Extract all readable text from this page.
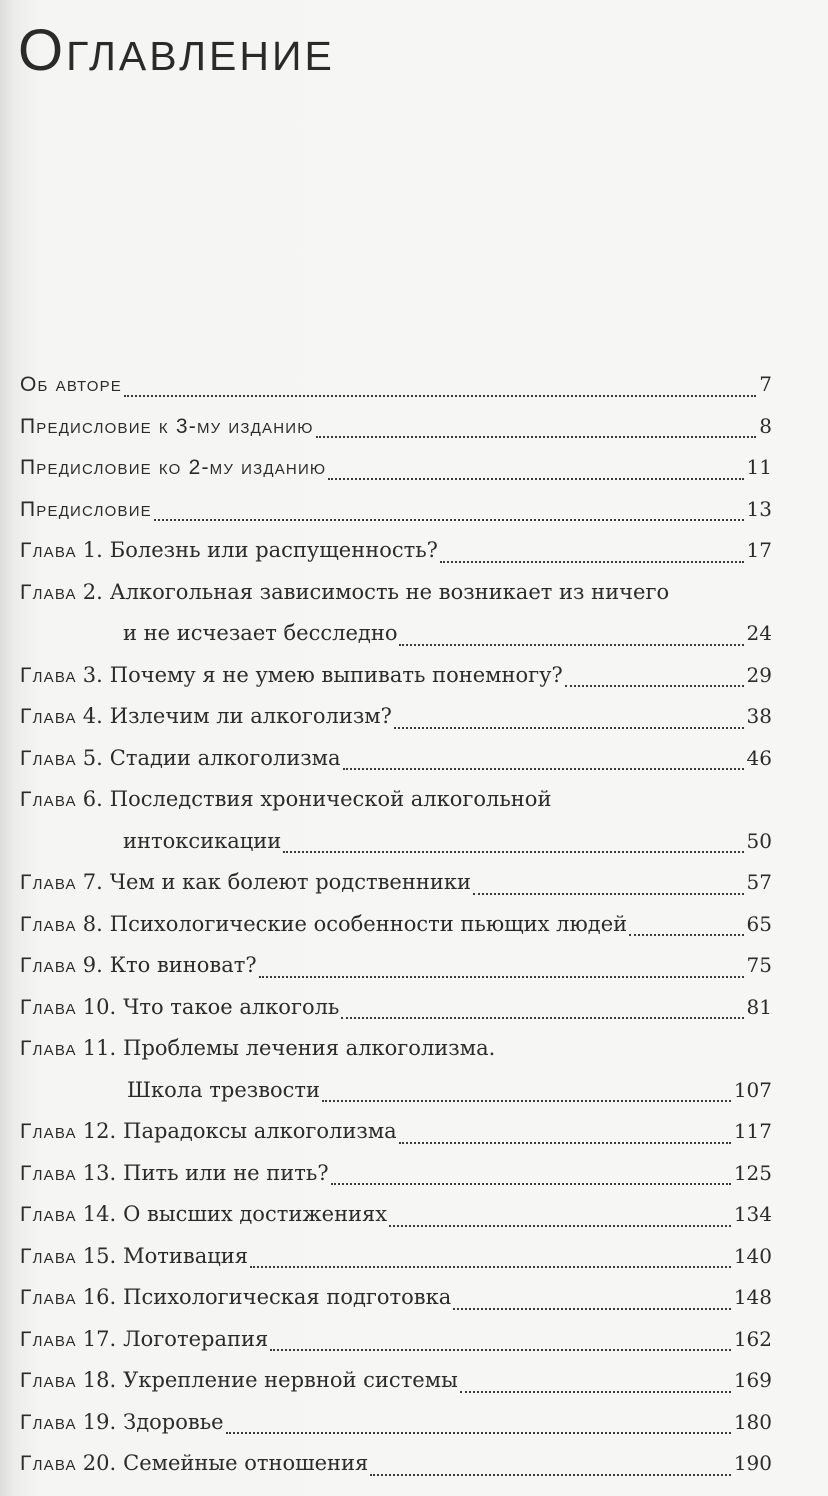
Оглавление
Об авторе	7
Предисловие к 3-му изданию	8
Предисловие ко 2-му изданию	11
Предисловие	13
Глава 1. Болезнь или распущенность?	17
Глава 2. Алкогольная зависимость не возникает из ничего
и не исчезает бесследно	24
Глава 3. Почему я не умею выпивать понемногу?	29
Глава 4. Излечим ли алкоголизм?	38
Глава 5. Стадии алкоголизма	46
Глава 6. Последствия хронической алкогольной
интоксикации	50
Глава 7. Чем и как болеют родственники	57
Глава 8. Психологические особенности пьющих людей	65
Глава 9. Кто виноват?	75
Глава 10. Что такое алкоголь	81
Глава 11. Проблемы лечения алкоголизма.
Школа трезвости	107
Глава 12. Парадоксы алкоголизма	117
Глава 13. Пить или не пить?	125
Глава 14. О высших достижениях	134
Глава 15. Мотивация	140
Глава 16. Психологическая подготовка	148
Глава 17. Логотерапия	162
Глава 18. Укрепление нервной системы	169
Глава 19. Здоровье	180
Глава 20. Семейные отношения	190
